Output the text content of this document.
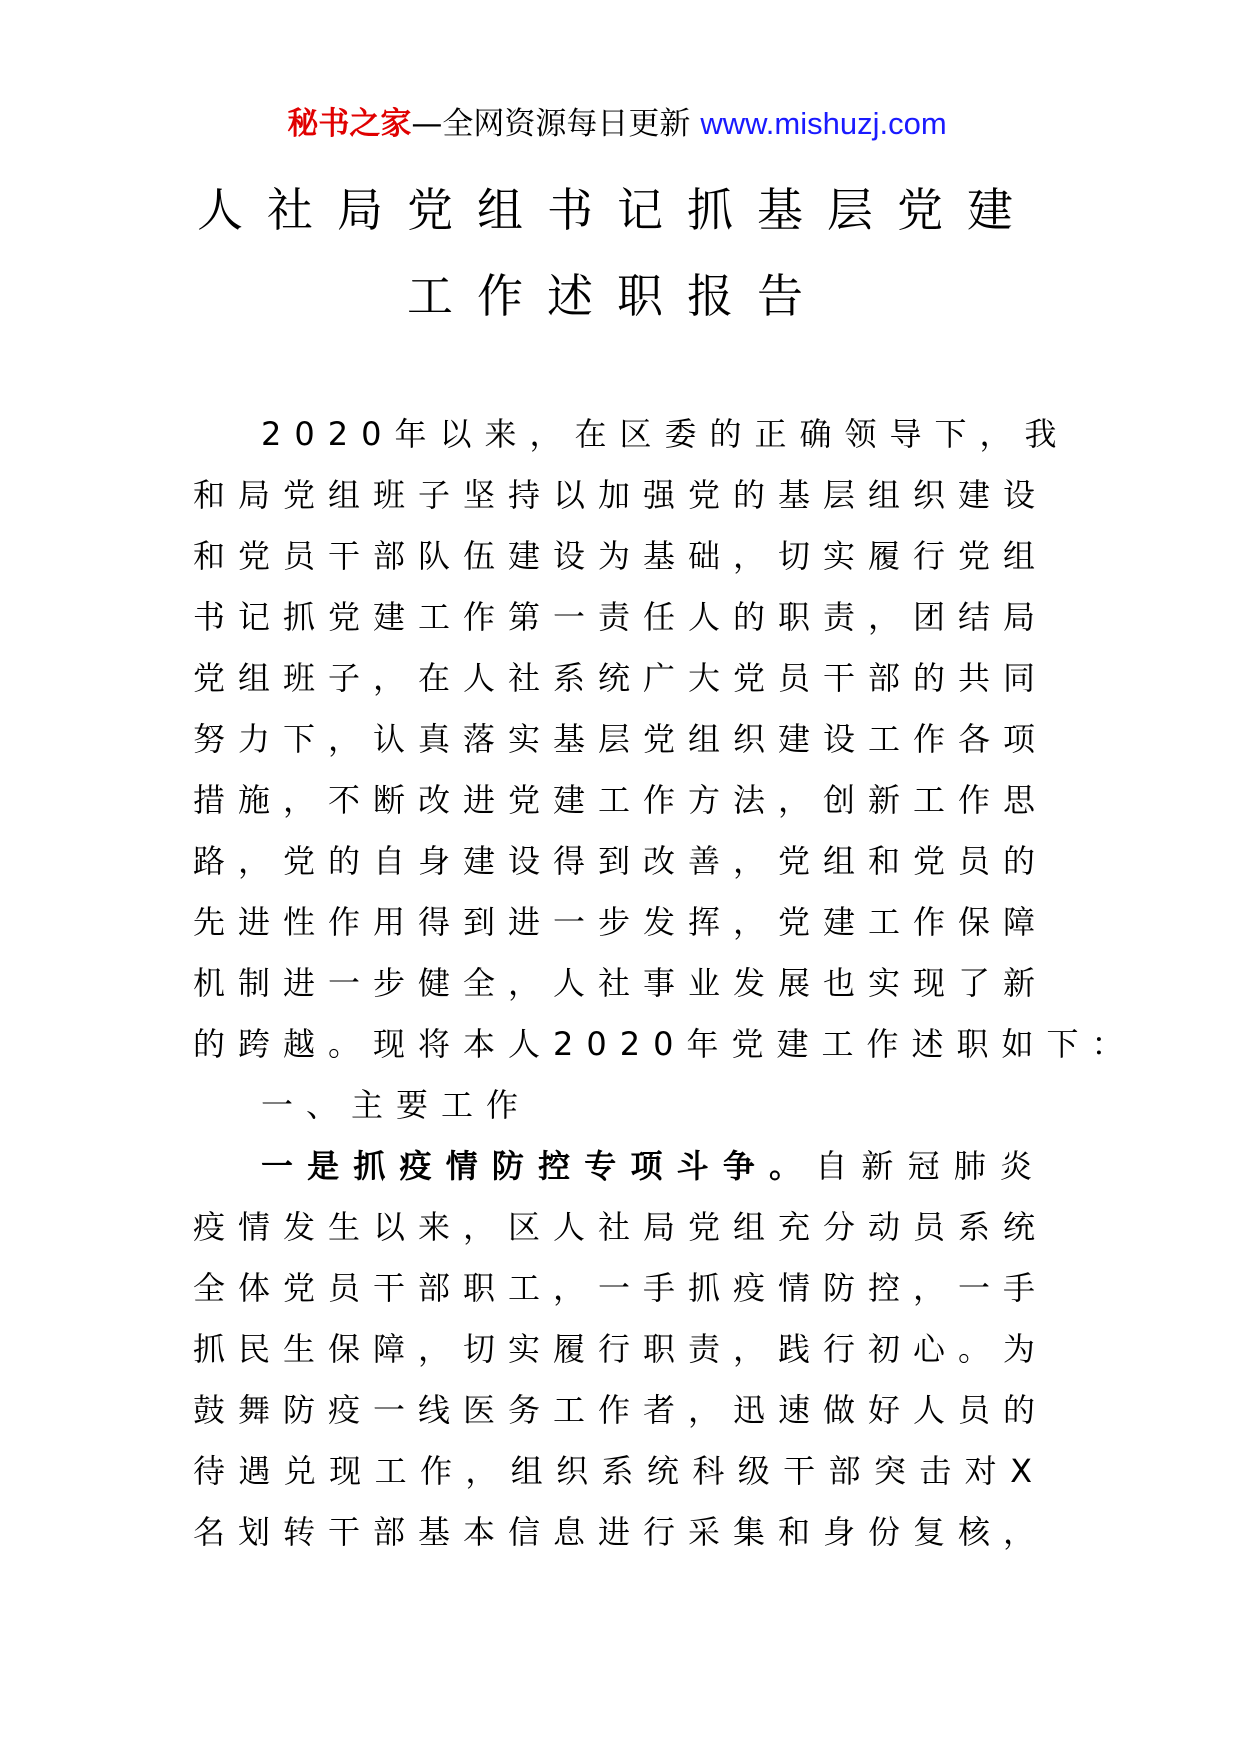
秘书之家—全网资源每日更新 www.mishuzj.com
人社局党组书记抓基层党建
工作述职报告
2020年以来，在区委的正确领导下，我
和局党组班子坚持以加强党的基层组织建设
和党员干部队伍建设为基础，切实履行党组
书记抓党建工作第一责任人的职责，团结局
党组班子，在人社系统广大党员干部的共同
努力下，认真落实基层党组织建设工作各项
措施，不断改进党建工作方法，创新工作思
路，党的自身建设得到改善，党组和党员的
先进性作用得到进一步发挥，党建工作保障
机制进一步健全，人社事业发展也实现了新
的跨越。现将本人2020年党建工作述职如下：
一、主要工作
一是抓疫情防控专项斗争。自新冠肺炎
疫情发生以来，区人社局党组充分动员系统
全体党员干部职工，一手抓疫情防控，一手
抓民生保障，切实履行职责，践行初心。为
鼓舞防疫一线医务工作者，迅速做好人员的
待遇兑现工作，组织系统科级干部突击对X
名划转干部基本信息进行采集和身份复核，
